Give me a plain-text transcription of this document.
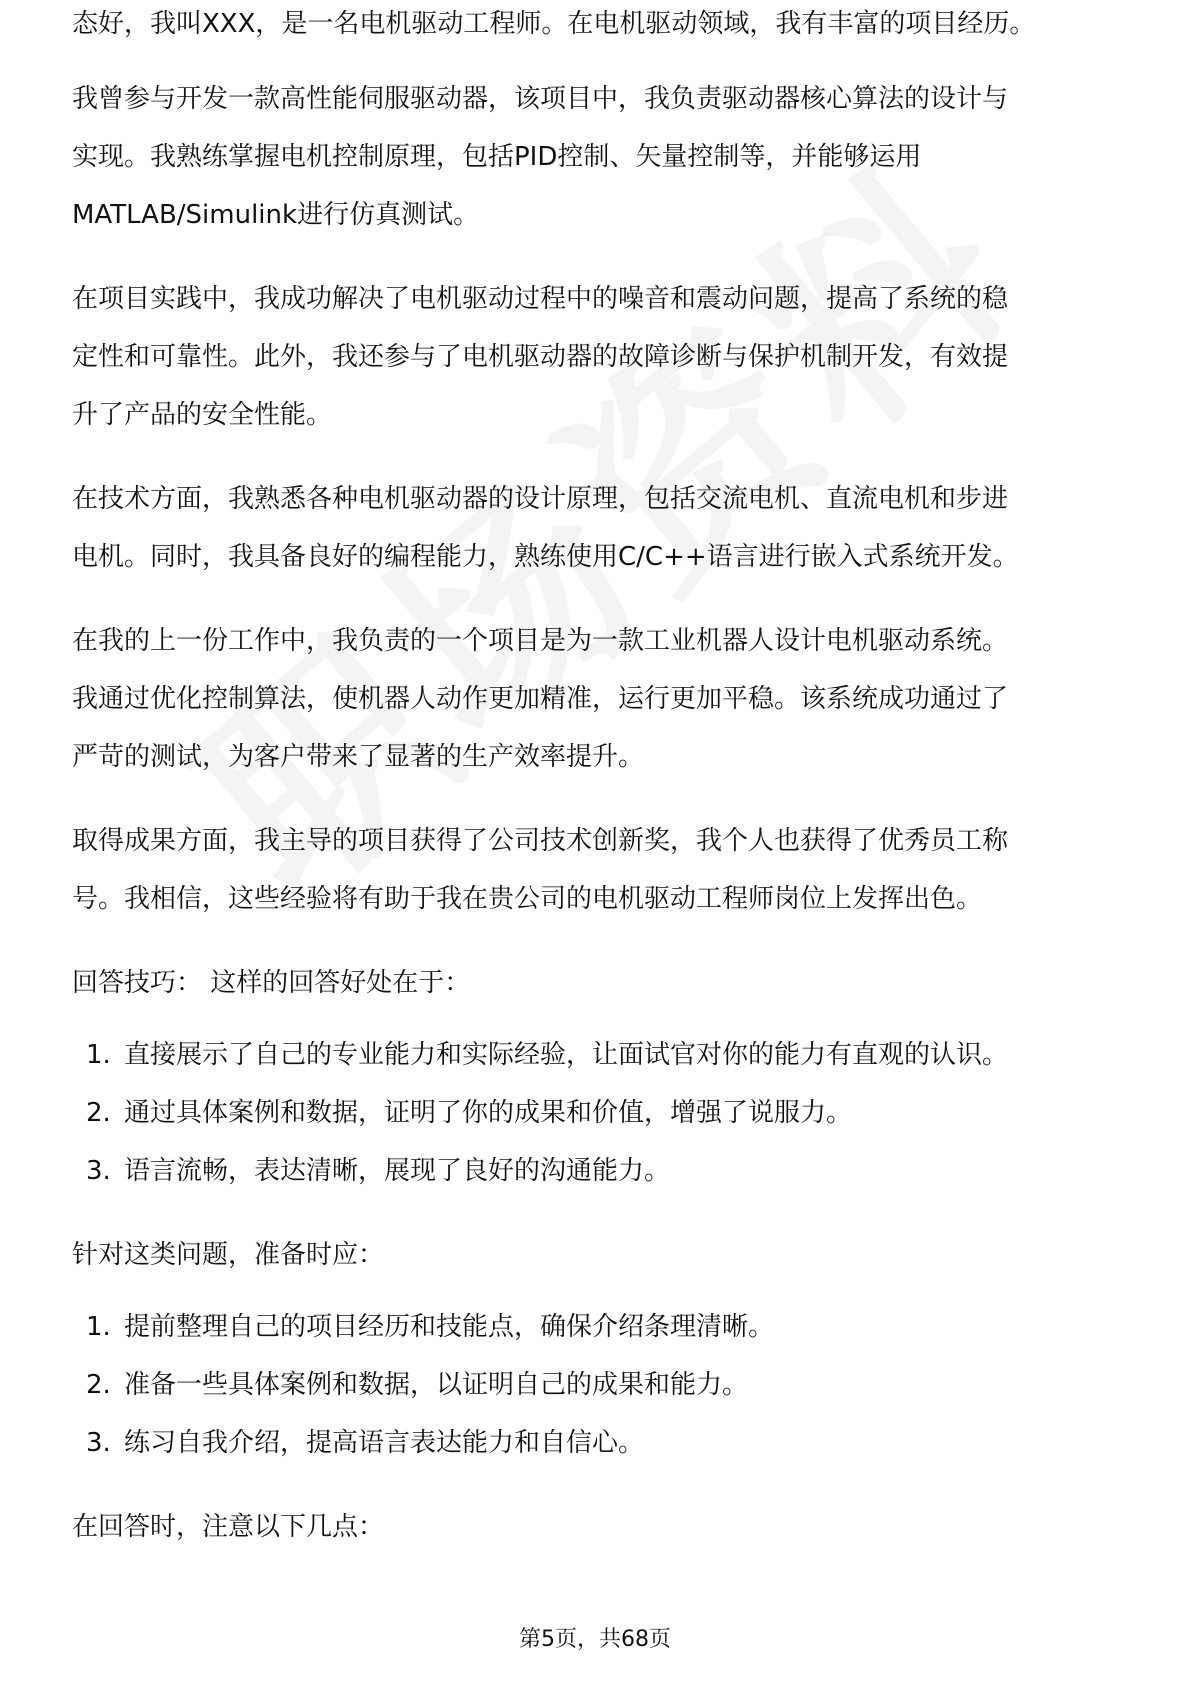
态好，我叫XXX，是一名电机驱动工程师。在电机驱动领域，我有丰富的项目经历。
我曾参与开发一款高性能伺服驱动器，该项目中，我负责驱动器核心算法的设计与
实现。我熟练掌握电机控制原理，包括PID控制、矢量控制等，并能够运用
MATLAB/Simulink进行仿真测试。
在项目实践中，我成功解决了电机驱动过程中的噪音和震动问题，提高了系统的稳
定性和可靠性。此外，我还参与了电机驱动器的故障诊断与保护机制开发，有效提
升了产品的安全性能。
在技术方面，我熟悉各种电机驱动器的设计原理，包括交流电机、直流电机和步进
电机。同时，我具备良好的编程能力，熟练使用C/C++语言进行嵌入式系统开发。
在我的上一份工作中，我负责的一个项目是为一款工业机器人设计电机驱动系统。
我通过优化控制算法，使机器人动作更加精准，运行更加平稳。该系统成功通过了
严苛的测试，为客户带来了显著的生产效率提升。
取得成果方面，我主导的项目获得了公司技术创新奖，我个人也获得了优秀员工称
号。我相信，这些经验将有助于我在贵公司的电机驱动工程师岗位上发挥出色。
回答技巧： 这样的回答好处在于：
1. 直接展示了自己的专业能力和实际经验，让面试官对你的能力有直观的认识。
2. 通过具体案例和数据，证明了你的成果和价值，增强了说服力。
3. 语言流畅，表达清晰，展现了良好的沟通能力。
针对这类问题，准备时应：
1. 提前整理自己的项目经历和技能点，确保介绍条理清晰。
2. 准备一些具体案例和数据，以证明自己的成果和能力。
3. 练习自我介绍，提高语言表达能力和自信心。
在回答时，注意以下几点：
第5页，共68页
